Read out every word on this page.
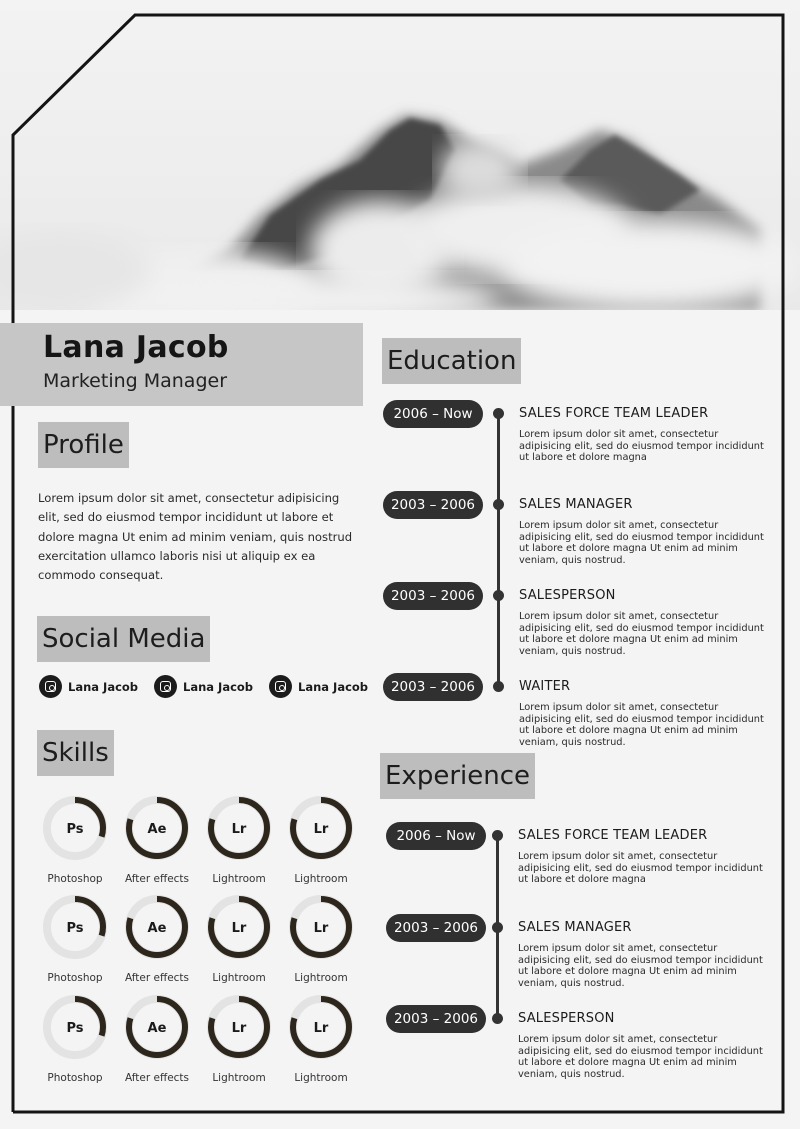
Lana Jacob
Marketing Manager
Profile
Lorem ipsum dolor sit amet, consectetur adipisicing elit, sed do eiusmod tempor incididunt ut labore et dolore magna Ut enim ad minim veniam, quis nostrud exercitation ullamco laboris nisi ut aliquip ex ea commodo consequat.
Social Media
Lana Jacob	Lana Jacob	Lana Jacob
Skills
Ps
Photoshop
Ae
After effects
Lr
Lightroom
Lr
Lightroom
Ps
Photoshop
Ae
After effects
Lr
Lightroom
Lr
Lightroom
Ps
Photoshop
Ae
After effects
Lr
Lightroom
Lr
Lightroom
Education
2006 – Now	SALES FORCE TEAM LEADER
Lorem ipsum dolor sit amet, consectetur adipisicing elit, sed do eiusmod tempor incididunt ut labore et dolore magna
2003 – 2006	SALES MANAGER
Lorem ipsum dolor sit amet, consectetur adipisicing elit, sed do eiusmod tempor incididunt ut labore et dolore magna Ut enim ad minim veniam, quis nostrud.
2003 – 2006	SALESPERSON
Lorem ipsum dolor sit amet, consectetur adipisicing elit, sed do eiusmod tempor incididunt ut labore et dolore magna Ut enim ad minim veniam, quis nostrud.
2003 – 2006	WAITER
Lorem ipsum dolor sit amet, consectetur adipisicing elit, sed do eiusmod tempor incididunt ut labore et dolore magna Ut enim ad minim veniam, quis nostrud.
Experience
2006 – Now	SALES FORCE TEAM LEADER
Lorem ipsum dolor sit amet, consectetur adipisicing elit, sed do eiusmod tempor incididunt ut labore et dolore magna
2003 – 2006	SALES MANAGER
Lorem ipsum dolor sit amet, consectetur adipisicing elit, sed do eiusmod tempor incididunt ut labore et dolore magna Ut enim ad minim veniam, quis nostrud.
2003 – 2006	SALESPERSON
Lorem ipsum dolor sit amet, consectetur adipisicing elit, sed do eiusmod tempor incididunt ut labore et dolore magna Ut enim ad minim veniam, quis nostrud.
